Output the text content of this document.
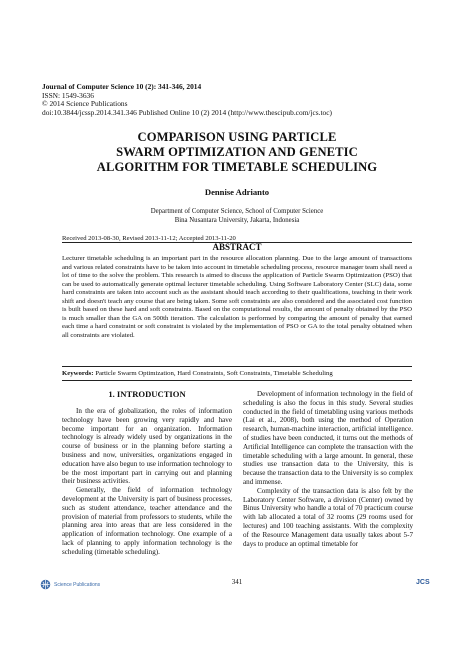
Journal of Computer Science 10 (2): 341-346, 2014
ISSN: 1549-3636
© 2014 Science Publications
doi:10.3844/jcssp.2014.341.346 Published Online 10 (2) 2014 (http://www.thescipub.com/jcs.toc)
COMPARISON USING PARTICLE
SWARM OPTIMIZATION AND GENETIC
ALGORITHM FOR TIMETABLE SCHEDULING
Dennise Adrianto
Department of Computer Science, School of Computer Science
Bina Nusantara University, Jakarta, Indonesia
Received 2013-08-30, Revised 2013-11-12; Accepted 2013-11-20
ABSTRACT
Lecturer timetable scheduling is an important part in the resource allocation planning. Due to the large amount of transactions and various related constraints have to be taken into account in timetable scheduling process, resource manager team shall need a lot of time to the solve the problem. This research is aimed to discuss the application of Particle Swarm Optimization (PSO) that can be used to automatically generate optimal lecturer timetable scheduling. Using Software Laboratory Center (SLC) data, some hard constraints are taken into account such as the assistant should teach according to their qualifications, teaching in their work shift and doesn't teach any course that are being taken. Some soft constraints are also considered and the associated cost function is built based on these hard and soft constraints. Based on the computational results, the amount of penalty obtained by the PSO is much smaller than the GA on 500th iteration. The calculation is performed by comparing the amount of penalty that earned each time a hard constraint or soft constraint is violated by the implementation of PSO or GA to the total penalty obtained when all constraints are violated.
Keywords: Particle Swarm Optimization, Hard Constraints, Soft Constraints, Timetable Scheduling
1. INTRODUCTION

In the era of globalization, the roles of information technology have been growing very rapidly and have become important for an organization. Information technology is already widely used by organizations in the course of business or in the planning before starting a business and now, universities, organizations engaged in education have also begun to use information technology to be the most important part in carrying out and planning their business activities.

Generally, the field of information technology development at the University is part of business processes, such as student attendance, teacher attendance and the provision of material from professors to students, while the planning area into areas that are less considered in the application of information technology. One example of a lack of planning to apply information technology is the scheduling (timetable scheduling).

Development of information technology in the field of scheduling is also the focus in this study. Several studies conducted in the field of timetabling using various methods (Lai et al., 2008), both using the method of Operation research, human-machine interaction, artificial intelligence. of studies have been conducted, it turns out the methods of Artificial Intelligence can complete the transaction with the timetable scheduling with a large amount. In general, these studies use transaction data to the University, this is because the transaction data to the University is so complex and immense.

Complexity of the transaction data is also felt by the Laboratory Center Software, a division (Center) owned by Binus University who handle a total of 70 practicum course with lab allocated a total of 32 rooms (29 rooms used for lectures) and 100 teaching assistants. With the complexity of the Resource Management data usually takes about 5-7 days to produce an optimal timetable for

Science Publications	341	JCS
